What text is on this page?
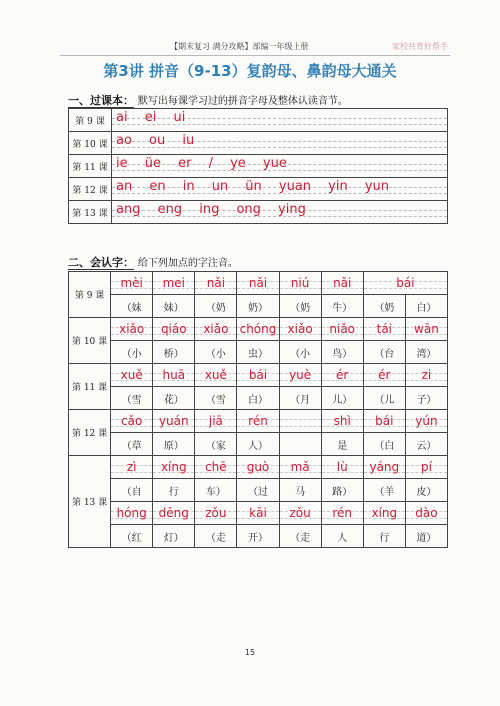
【期末复习 满分攻略】部编一年级上册	家校共育好帮手
第3讲 拼音（9-13）复韵母、鼻韵母大通关
一、过课本： 默写出每课学习过的拼音字母及整体认读音节。
第 9 课	ai ei ui

第 10 课	ao ou iu

第 11 课	ie üe er / ye yue

第 12 课	an en in un ün yuan yin yun

第 13 课	ang eng ing ong ying
二、会认字： 给下列加点的字注音。
第 9 课	mèi	mei	nǎi	nǎi	niú	nǎi	bái	
	（妹	妹）	（奶	奶）	（奶	牛）	（奶	白）
第 10 课	xiǎo	qiáo	xiǎo	chóng	xiǎo	niǎo	tái	wān
	（小	桥）	（小	虫）	（小	鸟）	（台	湾）
第 11 课	xuě	huā	xuě	bái	yuè	ér	ér	zi
	（雪	花）	（雪	白）	（月	儿）	（儿	子）
第 12 课	cǎo	yuán	jiā	rén		shì	bái	yún
	（草	原）	（家	人）		是	（白	云）
第 13 课	zì	xíng	chē	guò	mǎ	lù	yáng	pí
	（自	行	车）	（过	马	路）	（羊	皮）
	hóng	dēng	zǒu	kāi	zǒu	rén	xíng	dào
	（红	灯）	（走	开）	（走	人	行	道）
15
